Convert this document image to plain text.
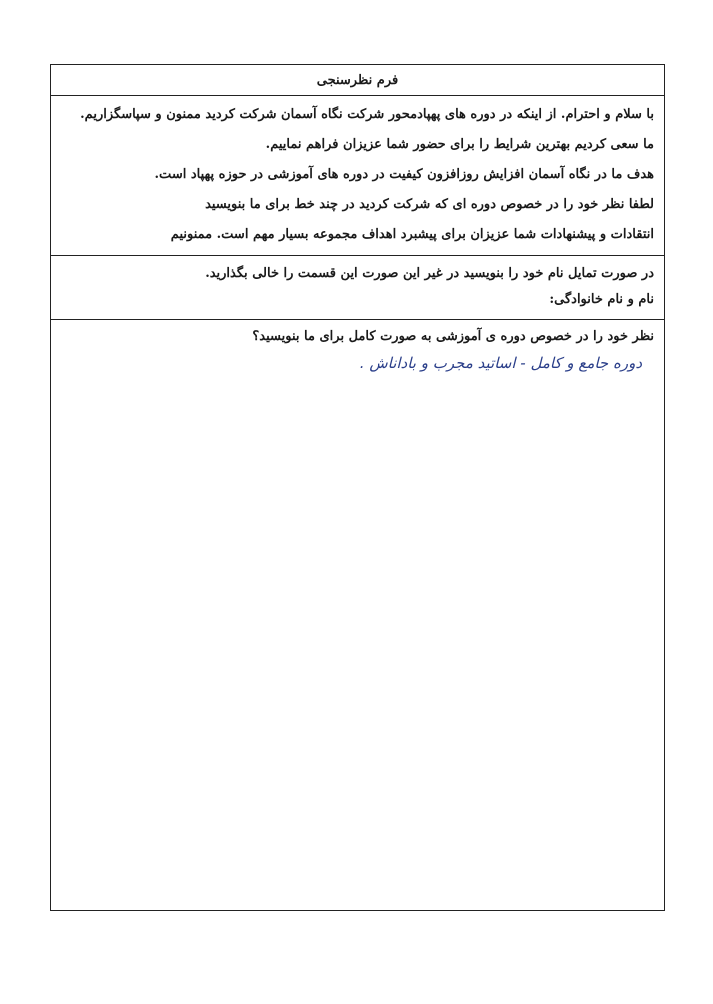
فرم نظرسنجی
با سلام و احترام. از اینکه در دوره های پهپادمحور شرکت نگاه آسمان شرکت کردید ممنون و سپاسگزاریم.
ما سعی کردیم بهترین شرایط را برای حضور شما عزیزان فراهم نماییم.
هدف ما در نگاه آسمان افزایش روزافزون کیفیت در دوره های آموزشی در حوزه پهپاد است.
لطفا نظر خود را در خصوص دوره ای که شرکت کردید در چند خط برای ما بنویسید
انتقادات و پیشنهادات شما عزیزان برای پیشبرد اهداف مجموعه بسیار مهم است. ممنونیم
در صورت تمایل نام خود را بنویسید در غیر این صورت این قسمت را خالی بگذارید.
نام و نام خانوادگی:
نظر خود را در خصوص دوره ی آموزشی به صورت کامل برای ما بنویسید؟
دوره جامع و کامل - اساتید مجرب و باداناش .
